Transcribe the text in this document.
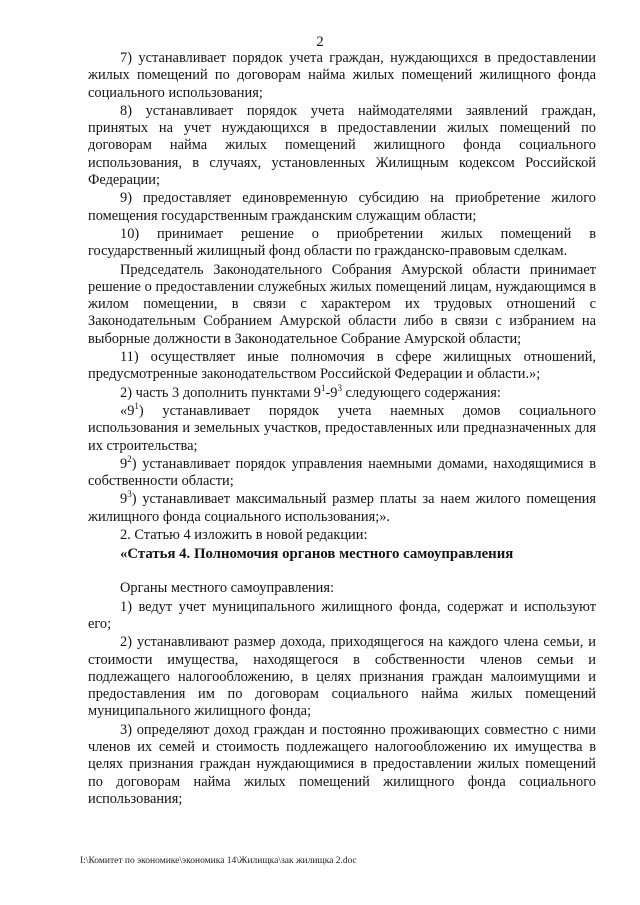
2

7) устанавливает порядок учета граждан, нуждающихся в предоставлении жилых помещений по договорам найма жилых помещений жилищного фонда социального использования;

8) устанавливает порядок учета наймодателями заявлений граждан, принятых на учет нуждающихся в предоставлении жилых помещений по договорам найма жилых помещений жилищного фонда социального использования, в случаях, установленных Жилищным кодексом Российской Федерации;

9) предоставляет единовременную субсидию на приобретение жилого помещения государственным гражданским служащим области;

10) принимает решение о приобретении жилых помещений в государственный жилищный фонд области по гражданско-правовым сделкам.

Председатель Законодательного Собрания Амурской области принимает решение о предоставлении служебных жилых помещений лицам, нуждающимся в жилом помещении, в связи с характером их трудовых отношений с Законодательным Собранием Амурской области либо в связи с избранием на выборные должности в Законодательное Собрание Амурской области;

11) осуществляет иные полномочия в сфере жилищных отношений, предусмотренные законодательством Российской Федерации и области.»;

2) часть 3 дополнить пунктами $9^1-9^3$ следующего содержания:

«$9^1$) устанавливает порядок учета наемных домов социального использования и земельных участков, предоставленных или предназначенных для их строительства;

$9^2$) устанавливает порядок управления наемными домами, находящимися в собственности области;

$9^3$) устанавливает максимальный размер платы за наем жилого помещения жилищного фонда социального использования;».

2. Статью 4 изложить в новой редакции:

«Статья 4. Полномочия органов местного самоуправления

Органы местного самоуправления:

1) ведут учет муниципального жилищного фонда, содержат и используют его;

2) устанавливают размер дохода, приходящегося на каждого члена семьи, и стоимости имущества, находящегося в собственности членов семьи и подлежащего налогообложению, в целях признания граждан малоимущими и предоставления им по договорам социального найма жилых помещений муниципального жилищного фонда;

3) определяют доход граждан и постоянно проживающих совместно с ними членов их семей и стоимость подлежащего налогообложению их имущества в целях признания граждан нуждающимися в предоставлении жилых помещений по договорам найма жилых помещений жилищного фонда социального использования;

I:\Комитет по экономике\экономика 14\Жилищка\зак жилищка 2.doc
